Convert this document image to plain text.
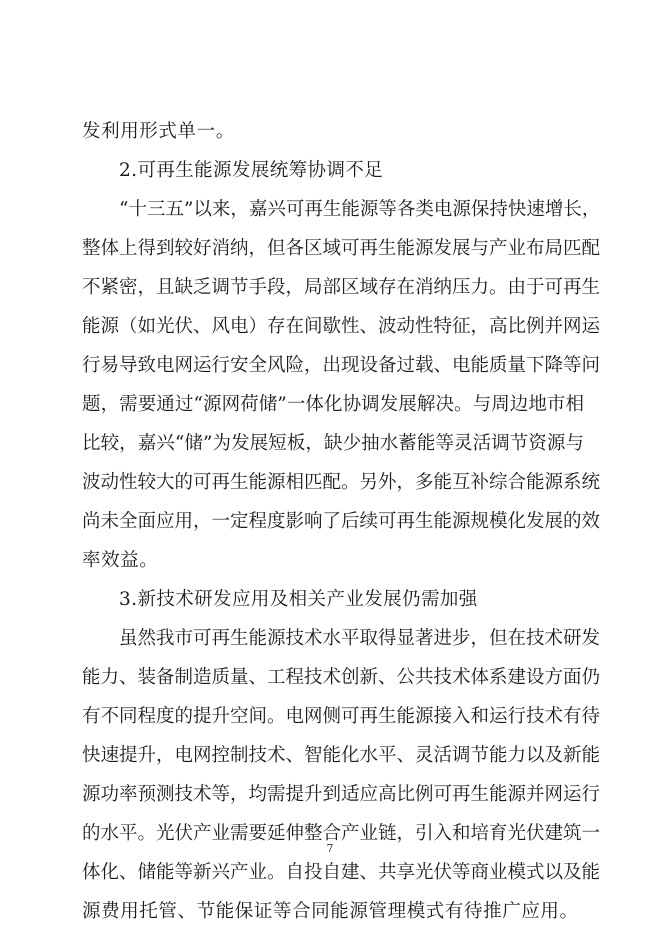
发利用形式单一。
2.可再生能源发展统筹协调不足
“十三五”以来，嘉兴可再生能源等各类电源保持快速增长，
整体上得到较好消纳，但各区域可再生能源发展与产业布局匹配
不紧密，且缺乏调节手段，局部区域存在消纳压力。由于可再生
能源（如光伏、风电）存在间歇性、波动性特征，高比例并网运
行易导致电网运行安全风险，出现设备过载、电能质量下降等问
题，需要通过“源网荷储”一体化协调发展解决。与周边地市相
比较，嘉兴“储”为发展短板，缺少抽水蓄能等灵活调节资源与
波动性较大的可再生能源相匹配。另外，多能互补综合能源系统
尚未全面应用，一定程度影响了后续可再生能源规模化发展的效
率效益。
3.新技术研发应用及相关产业发展仍需加强
虽然我市可再生能源技术水平取得显著进步，但在技术研发
能力、装备制造质量、工程技术创新、公共技术体系建设方面仍
有不同程度的提升空间。电网侧可再生能源接入和运行技术有待
快速提升，电网控制技术、智能化水平、灵活调节能力以及新能
源功率预测技术等，均需提升到适应高比例可再生能源并网运行
的水平。光伏产业需要延伸整合产业链，引入和培育光伏建筑一
体化、储能等新兴产业。自投自建、共享光伏等商业模式以及能
源费用托管、节能保证等合同能源管理模式有待推广应用。
7
